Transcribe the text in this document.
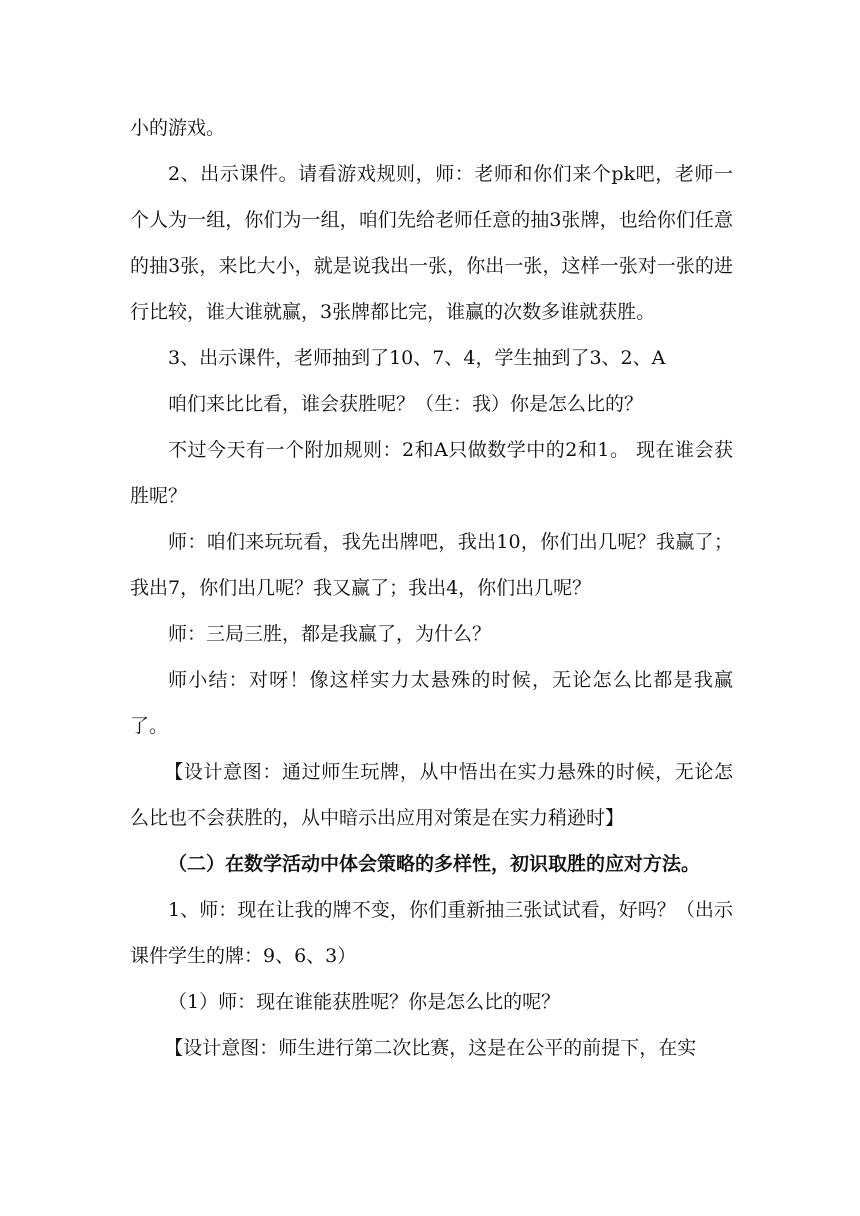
小的游戏。

2、出示课件。请看游戏规则，师：老师和你们来个pk吧，老师一个人为一组，你们为一组，咱们先给老师任意的抽3张牌，也给你们任意的抽3张，来比大小，就是说我出一张，你出一张，这样一张对一张的进行比较，谁大谁就赢，3张牌都比完，谁赢的次数多谁就获胜。

3、出示课件，老师抽到了10、7、4，学生抽到了3、2、A

咱们来比比看，谁会获胜呢？（生：我）你是怎么比的？

不过今天有一个附加规则：2和A只做数学中的2和1。 现在谁会获胜呢？

师：咱们来玩玩看，我先出牌吧，我出10，你们出几呢？我赢了；我出7，你们出几呢？我又赢了；我出4，你们出几呢？

师：三局三胜，都是我赢了，为什么？

师小结：对呀！像这样实力太悬殊的时候，无论怎么比都是我赢了。

【设计意图：通过师生玩牌，从中悟出在实力悬殊的时候，无论怎么比也不会获胜的，从中暗示出应用对策是在实力稍逊时】

（二）在数学活动中体会策略的多样性，初识取胜的应对方法。

1、师：现在让我的牌不变，你们重新抽三张试试看，好吗？（出示课件学生的牌：9、6、3）

（1）师：现在谁能获胜呢？你是怎么比的呢？

【设计意图：师生进行第二次比赛，这是在公平的前提下，在实
